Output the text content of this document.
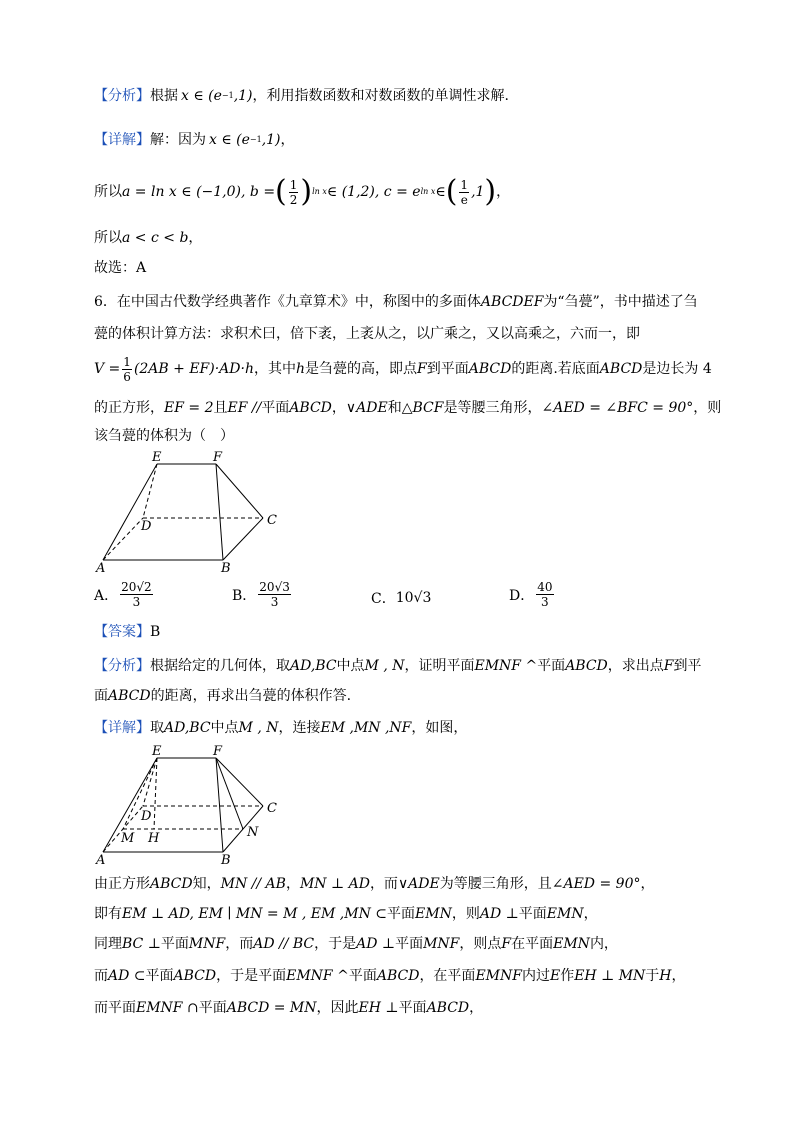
【分析】 根据 x ∈ (e −1 ,1) ，利用指数函数和对数函数的单调性求解.
【详解】 解：因为 x ∈ (e −1 ,1) ，
所以 a = ln x ∈ (−1,0), b = ( $\frac{1}{2}$ ) ln x ∈ (1,2), c = e ln x ∈ ( $\frac{1}{e} ,1$ ) ，
所以 a < c < b ，
故选：A
6．在中国古代数学经典著作《九章算术》中，称图中的多面体 ABCDEF 为“刍甍”，书中描述了刍
甍的体积计算方法：求积术曰，倍下袤，上袤从之，以广乘之，又以高乘之，六而一，即
$V = \frac{1}{6} (2AB + EF)\cdot AD\cdot h$ ，其中 h 是刍甍的高，即点 F 到平面 ABCD 的距离.若底面 ABCD 是边长为 4
的正方形， EF = 2 且 EF // 平面 ABCD ， ∨ADE 和 △BCF 是等腰三角形， ∠AED = ∠BFC = 90° ，则
该刍甍的体积为（　）
E	F
D	C
A	B
A． $\frac{20√2}{3}$	B． $\frac{20√3}{3}$	C． 10√3	D． $\frac{40}{3}$
【答案】 B
【分析】 根据给定的几何体，取 AD,BC 中点 M , N ，证明平面 EMNF ^ 平面 ABCD ，求出点 F 到平
面 ABCD 的距离，再求出刍甍的体积作答.
【详解】 取 AD,BC 中点 M , N ，连接 EM ,MN ,NF ，如图，
E	F
D
C
M H	N
A	B
由正方形 ABCD 知， MN // AB ， MN ⊥ AD ，而 ∨ADE 为等腰三角形，且 ∠AED = 90° ，
即有 EM ⊥ AD, EM ∣ MN = M , EM ,MN ⊂ 平面 EMN ，则 AD ⊥ 平面 EMN ，
同理 BC ⊥ 平面 MNF ，而 AD // BC ，于是 AD ⊥ 平面 MNF ，则点 F 在平面 EMN 内，
而 AD ⊂ 平面 ABCD ，于是平面 EMNF ^ 平面 ABCD ，在平面 EMNF 内过 E 作 EH ⊥ MN 于 H ，
而平面 EMNF ∩ 平面 ABCD = MN ，因此 EH ⊥ 平面 ABCD ，
